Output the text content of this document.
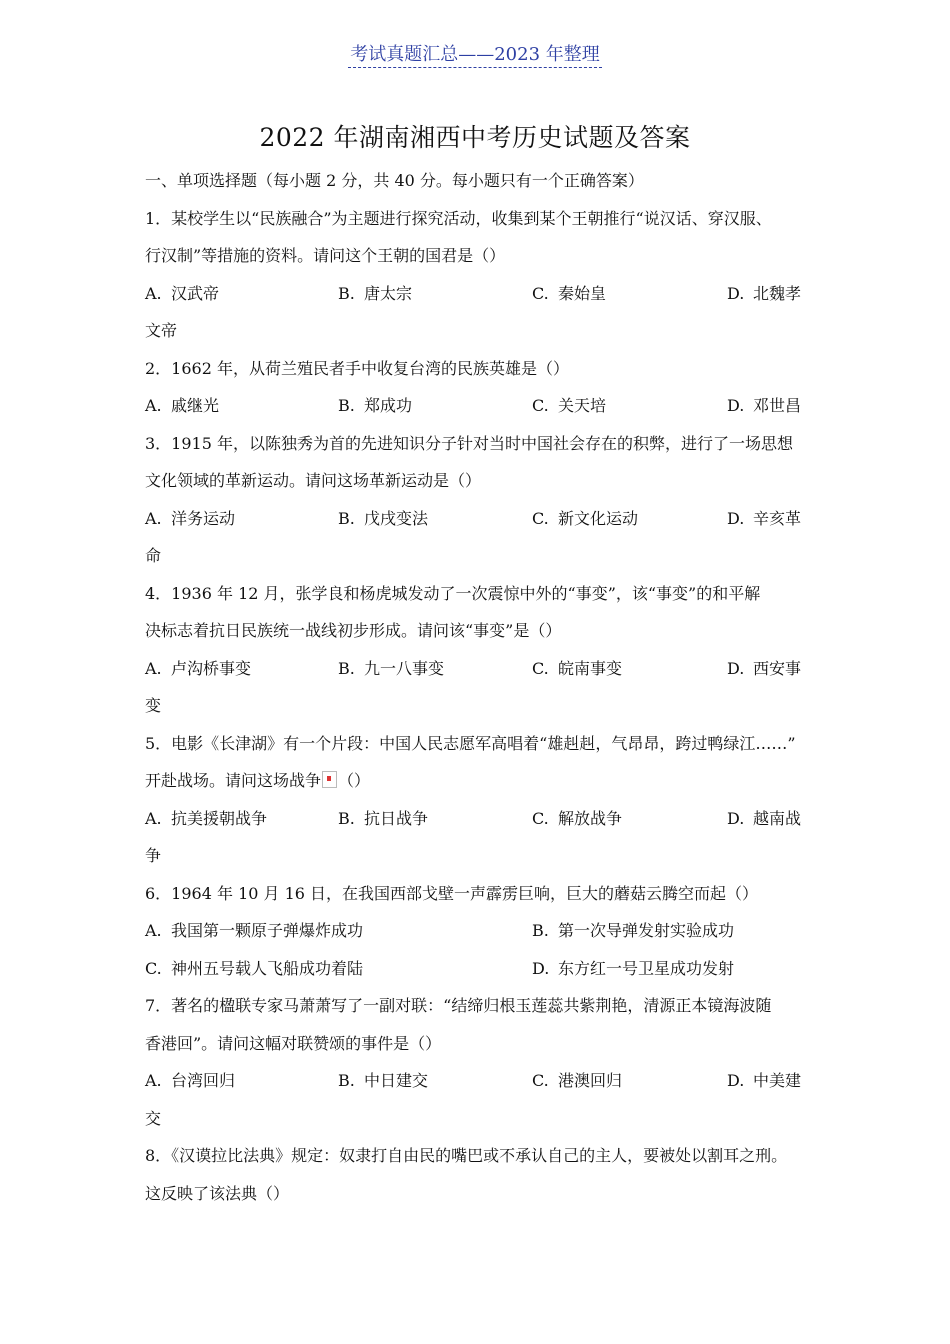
考试真题汇总——2023 年整理
2022 年湖南湘西中考历史试题及答案
一、单项选择题（每小题 2 分，共 40 分。每小题只有一个正确答案）
1．某校学生以“民族融合”为主题进行探究活动，收集到某个王朝推行“说汉话、穿汉服、
行汉制”等措施的资料。请问这个王朝的国君是（）
A. 汉武帝	B. 唐太宗	C. 秦始皇	D. 北魏孝
文帝
2．1662 年，从荷兰殖民者手中收复台湾的民族英雄是（）
A. 戚继光	B. 郑成功	C. 关天培	D. 邓世昌
3．1915 年，以陈独秀为首的先进知识分子针对当时中国社会存在的积弊，进行了一场思想
文化领域的革新运动。请问这场革新运动是（）
A. 洋务运动	B. 戊戌变法	C. 新文化运动	D. 辛亥革
命
4．1936 年 12 月，张学良和杨虎城发动了一次震惊中外的“事变”，该“事变”的和平解
决标志着抗日民族统一战线初步形成。请问该“事变”是（）
A. 卢沟桥事变	B. 九一八事变	C. 皖南事变	D. 西安事
变
5．电影《长津湖》有一个片段：中国人民志愿军高唱着“雄赳赳，气昂昂，跨过鸭绿江……”
开赴战场。请问这场战争 （）
A. 抗美援朝战争	B. 抗日战争	C. 解放战争	D. 越南战
争
6．1964 年 10 月 16 日，在我国西部戈壁一声霹雳巨响，巨大的蘑菇云腾空而起（）
A. 我国第一颗原子弹爆炸成功	B. 第一次导弹发射实验成功
C. 神州五号载人飞船成功着陆	D. 东方红一号卫星成功发射
7．著名的楹联专家马萧萧写了一副对联：“结缔归根玉莲蕊共紫荆艳，清源正本镜海波随
香港回”。请问这幅对联赞颂的事件是（）
A. 台湾回归	B. 中日建交	C. 港澳回归	D. 中美建
交
8．《汉谟拉比法典》规定：奴隶打自由民的嘴巴或不承认自己的主人，要被处以割耳之刑。
这反映了该法典（）
